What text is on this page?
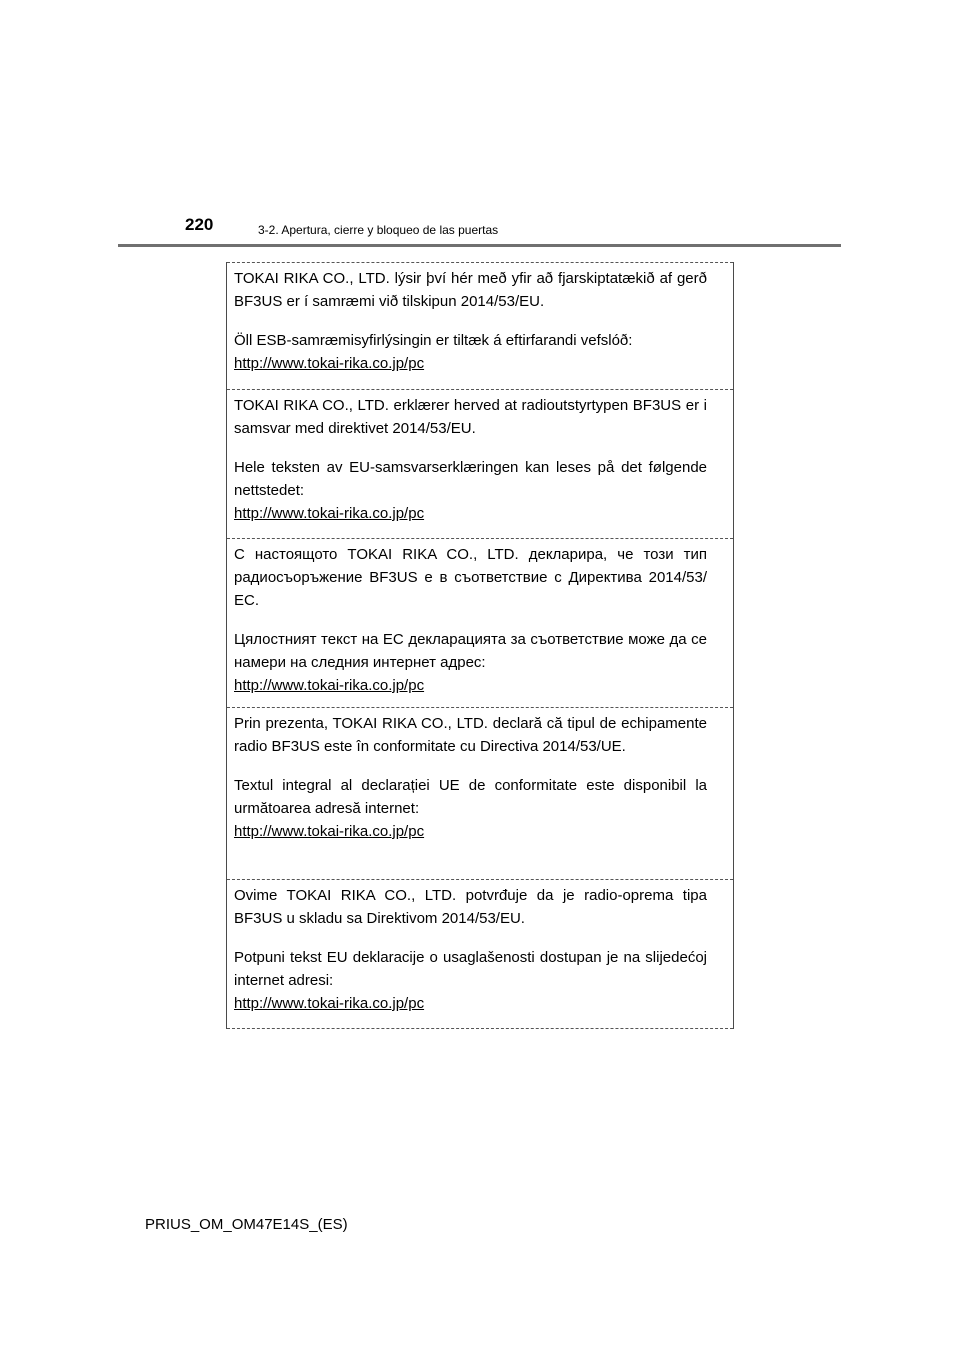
220	3-2. Apertura, cierre y bloqueo de las puertas

TOKAI RIKA CO., LTD. lýsir því hér með yfir að fjarskiptatækið af gerð BF3US er í samræmi við tilskipun 2014/53/EU.

Öll ESB-samræmisyfirlýsingin er tiltæk á eftirfarandi vefslóð:
http://www.tokai-rika.co.jp/pc

TOKAI RIKA CO., LTD. erklærer herved at radioutstyrtypen BF3US er i samsvar med direktivet 2014/53/EU.

Hele teksten av EU-samsvarserklæringen kan leses på det følgende nettstedet:
http://www.tokai-rika.co.jp/pc

С настоящото TOKAI RIKA CO., LTD. декларира, че този тип радиосъоръжение BF3US е в съответствие с Директива 2014/53/ЕС.

Цялостният текст на ЕС декларацията за съответствие може да се намери на следния интернет адрес:
http://www.tokai-rika.co.jp/pc

Prin prezenta, TOKAI RIKA CO., LTD. declară că tipul de echipamente radio BF3US este în conformitate cu Directiva 2014/53/UE.

Textul integral al declarației UE de conformitate este disponibil la următoarea adresă internet:
http://www.tokai-rika.co.jp/pc

Ovime TOKAI RIKA CO., LTD. potvrđuje da je radio-oprema tipa BF3US u skladu sa Direktivom 2014/53/EU.

Potpuni tekst EU deklaracije o usaglašenosti dostupan je na slijedećoj internet adresi:
http://www.tokai-rika.co.jp/pc

PRIUS_OM_OM47E14S_(ES)
